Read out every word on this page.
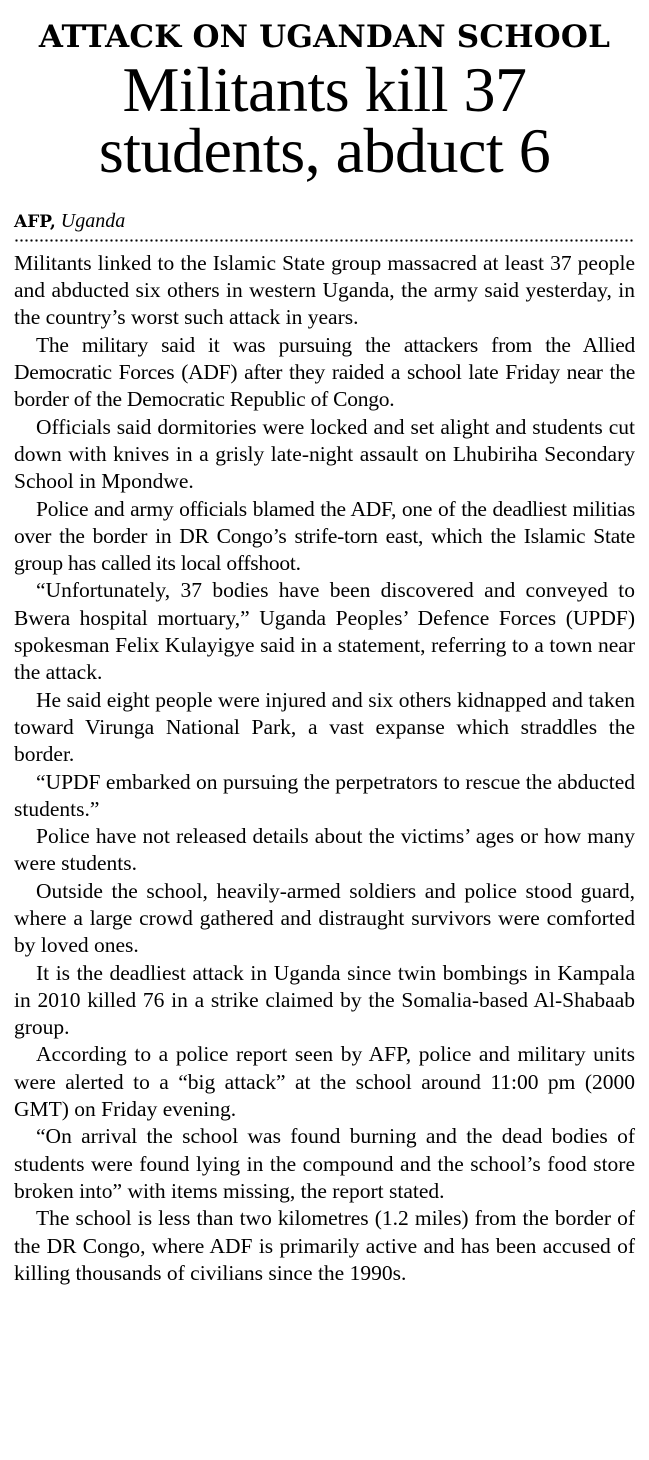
ATTACK ON UGANDAN SCHOOL
Militants kill 37
students, abduct 6
AFP, Uganda

Militants linked to the Islamic State group massacred at least 37 people and abducted six others in western Uganda, the army said yesterday, in the country’s worst such attack in years.

The military said it was pursuing the attackers from the Allied Democratic Forces (ADF) after they raided a school late Friday near the border of the Democratic Republic of Congo.

Officials said dormitories were locked and set alight and students cut down with knives in a grisly late-night assault on Lhubiriha Secondary School in Mpondwe.

Police and army officials blamed the ADF, one of the deadliest militias over the border in DR Congo’s strife-torn east, which the Islamic State group has called its local offshoot.

“Unfortunately, 37 bodies have been discovered and conveyed to Bwera hospital mortuary,” Uganda Peoples’ Defence Forces (UPDF) spokesman Felix Kulayigye said in a statement, referring to a town near the attack.

He said eight people were injured and six others kidnapped and taken toward Virunga National Park, a vast expanse which straddles the border.

“UPDF embarked on pursuing the perpetrators to rescue the abducted students.”

Police have not released details about the victims’ ages or how many were students.

Outside the school, heavily-armed soldiers and police stood guard, where a large crowd gathered and distraught survivors were comforted by loved ones.

It is the deadliest attack in Uganda since twin bombings in Kampala in 2010 killed 76 in a strike claimed by the Somalia-based Al-Shabaab group.

According to a police report seen by AFP, police and military units were alerted to a “big attack” at the school around 11:00 pm (2000 GMT) on Friday evening.

“On arrival the school was found burning and the dead bodies of students were found lying in the compound and the school’s food store broken into” with items missing, the report stated.

The school is less than two kilometres (1.2 miles) from the border of the DR Congo, where ADF is primarily active and has been accused of killing thousands of civilians since the 1990s.
